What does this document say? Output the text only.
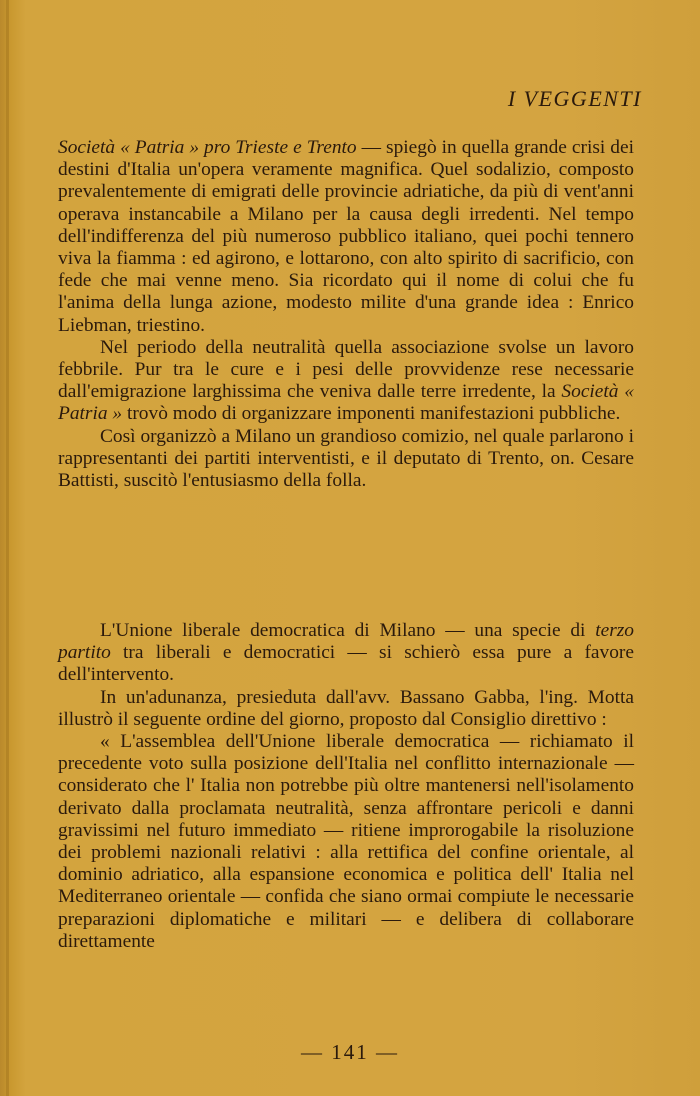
I VEGGENTI

Società « Patria » pro Trieste e Trento — spiegò in quella grande crisi dei destini d'Italia un'opera veramente magnifica. Quel sodalizio, composto prevalentemente di emigrati delle provincie adriatiche, da più di vent'anni operava instancabile a Milano per la causa degli irredenti. Nel tempo dell'indifferenza del più numeroso pubblico italiano, quei pochi tennero viva la fiamma : ed agirono, e lottarono, con alto spirito di sacrificio, con fede che mai venne meno. Sia ricordato qui il nome di colui che fu l'anima della lunga azione, modesto milite d'una grande idea : Enrico Liebman, triestino.

Nel periodo della neutralità quella associazione svolse un lavoro febbrile. Pur tra le cure e i pesi delle provvidenze rese necessarie dall'emigrazione larghissima che veniva dalle terre irredente, la Società « Patria » trovò modo di organizzare imponenti manifestazioni pubbliche.

Così organizzò a Milano un grandioso comizio, nel quale parlarono i rappresentanti dei partiti interventisti, e il deputato di Trento, on. Cesare Battisti, suscitò l'entusiasmo della folla.

L'Unione liberale democratica di Milano — una specie di terzo partito tra liberali e democratici — si schierò essa pure a favore dell'intervento.

In un'adunanza, presieduta dall'avv. Bassano Gabba, l'ing. Motta illustrò il seguente ordine del giorno, proposto dal Consiglio direttivo :

« L'assemblea dell'Unione liberale democratica — richiamato il precedente voto sulla posizione dell'Italia nel conflitto internazionale — considerato che l' Italia non potrebbe più oltre mantenersi nell'isolamento derivato dalla proclamata neutralità, senza affrontare pericoli e danni gravissimi nel futuro immediato — ritiene improrogabile la risoluzione dei problemi nazionali relativi : alla rettifica del confine orientale, al dominio adriatico, alla espansione economica e politica dell' Italia nel Mediterraneo orientale — confida che siano ormai compiute le necessarie preparazioni diplomatiche e militari — e delibera di collaborare direttamente

— 141 —
